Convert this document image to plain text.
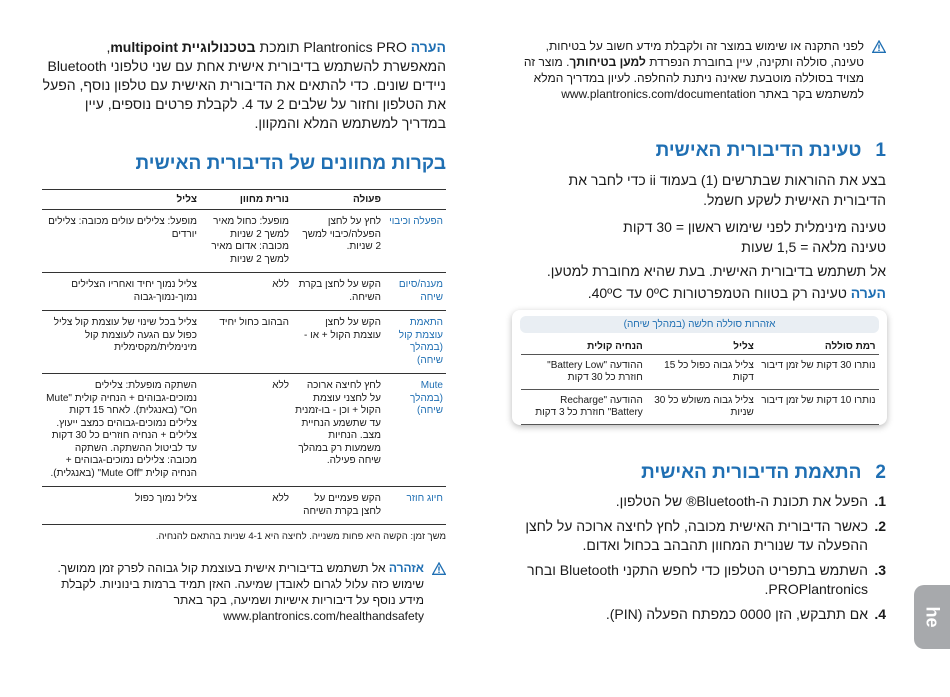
לפני התקנה או שימוש במוצר זה ולקבלת מידע חשוב על בטיחות, טעינה, סוללה ותקינה, עיין בחוברת הנפרדת למען בטיחותך. מוצר זה מצויד בסוללה מוטבעת שאינה ניתנת להחלפה. לעיון במדריך המלא למשתמש בקר באתר www.plantronics.com/documentation
1טעינת הדיבורית האישית

בצע את ההוראות שבתרשים (1) בעמוד ii כדי לחבר את הדיבורית האישית לשקע חשמל.

טעינה מינימלית לפני שימוש ראשון = 30 דקות

טעינה מלאה = 1,5 שעות

אל תשתמש בדיבורית האישית. בעת שהיא מחוברת למטען.

הערה טעינה רק בטווח הטמפרטורות 0ºC עד 40ºC.

אזהרות סוללה חלשה (במהלך שיחה)
רמת סוללה	צליל	הנחיה קולית
נותרו 30 דקות של זמן דיבור	צליל גבוה כפול כל 15 דקות	ההודעה "Battery Low" חוזרת כל 30 דקות
נותרו 10 דקות של זמן דיבור	צליל גבוה משולש כל 30 שניות	ההודעה "Recharge Battery" חוזרת כל 3 דקות
2התאמת הדיבורית האישית
1.
הפעל את תכונת ה-Bluetooth® של הטלפון.
2.
כאשר הדיבורית האישית מכובה, לחץ לחיצה ארוכה על לחצן ההפעלה עד שנורית המחוון תהבהב בכחול ואדום.
3.
השתמש בתפריט הטלפון כדי לחפש התקני Bluetooth ובחר PROPlantronics.
4.
אם תתבקש, הזן 0000 כמפתח הפעלה (PIN).

הערה Plantronics PRO תומכת בטכנולוגיית multipoint, המאפשרת להשתמש בדיבורית אישית אחת עם שני טלפוני Bluetooth ניידים שונים. כדי להתאים את הדיבורית האישית עם טלפון נוסף, הפעל את הטלפון וחזור על שלבים 2 עד 4. לקבלת פרטים נוספים, עיין במדריך למשתמש המלא והמקוון.

בקרות מחוונים של הדיבורית האישית
	פעולה	נורית מחוון	צליל
הפעלה וכיבוי	לחץ על לחצן הפעלה/כיבוי למשך 2 שניות.	מופעל: כחול מאיר למשך 2 שניות מכובה: אדום מאיר למשך 2 שניות	מופעל: צלילים עולים מכובה: צלילים יורדים
מענה/סיום שיחה	הקש על לחצן בקרת השיחה.	ללא	צליל נמוך יחיד ואחריו הצלילים נמוך-נמוך-גבוה
התאמת עוצמת קול (במהלך שיחה)	הקש על לחצן עוצמת הקול + או -	הבהוב כחול יחיד	צליל בכל שינוי של עוצמת קול צליל כפול עם הגעה לעוצמת קול מינימלית/מקסימלית
Mute (במהלך שיחה)	לחץ לחיצה ארוכה על לחצני עוצמת הקול + וכן - בו-זמנית עד שתשמע הנחיית מצב. הנחיות משמעות רק במהלך שיחה פעילה.	ללא	השתקה מופעלת: צלילים נמוכים-גבוהים + הנחיה קולית "Mute On" (באנגלית). לאחר 15 דקות צלילים נמוכים-גבוהים כמצב ייעוץ. צלילים + הנחיה חוזרים כל 30 דקות עד לביטול ההשתקה. השתקה מכובה: צלילים נמוכים-גבוהים + הנחיה קולית "Mute Off" (באנגלית).
חיוג חוזר	הקש פעמיים על לחצן בקרת השיחה	ללא	צליל נמוך כפול

משך זמן: הקשה היא פחות משנייה. לחיצה היא 4-1 שניות בהתאם להנחיה.

אזהרה אל תשתמש בדיבורית אישית בעוצמת קול גבוהה לפרק זמן ממושך. שימוש כזה עלול לגרום לאובדן שמיעה. האזן תמיד ברמות בינוניות. לקבלת מידע נוסף על דיבוריות אישיות ושמיעה, בקר באתר www.plantronics.com/healthandsafety	he
